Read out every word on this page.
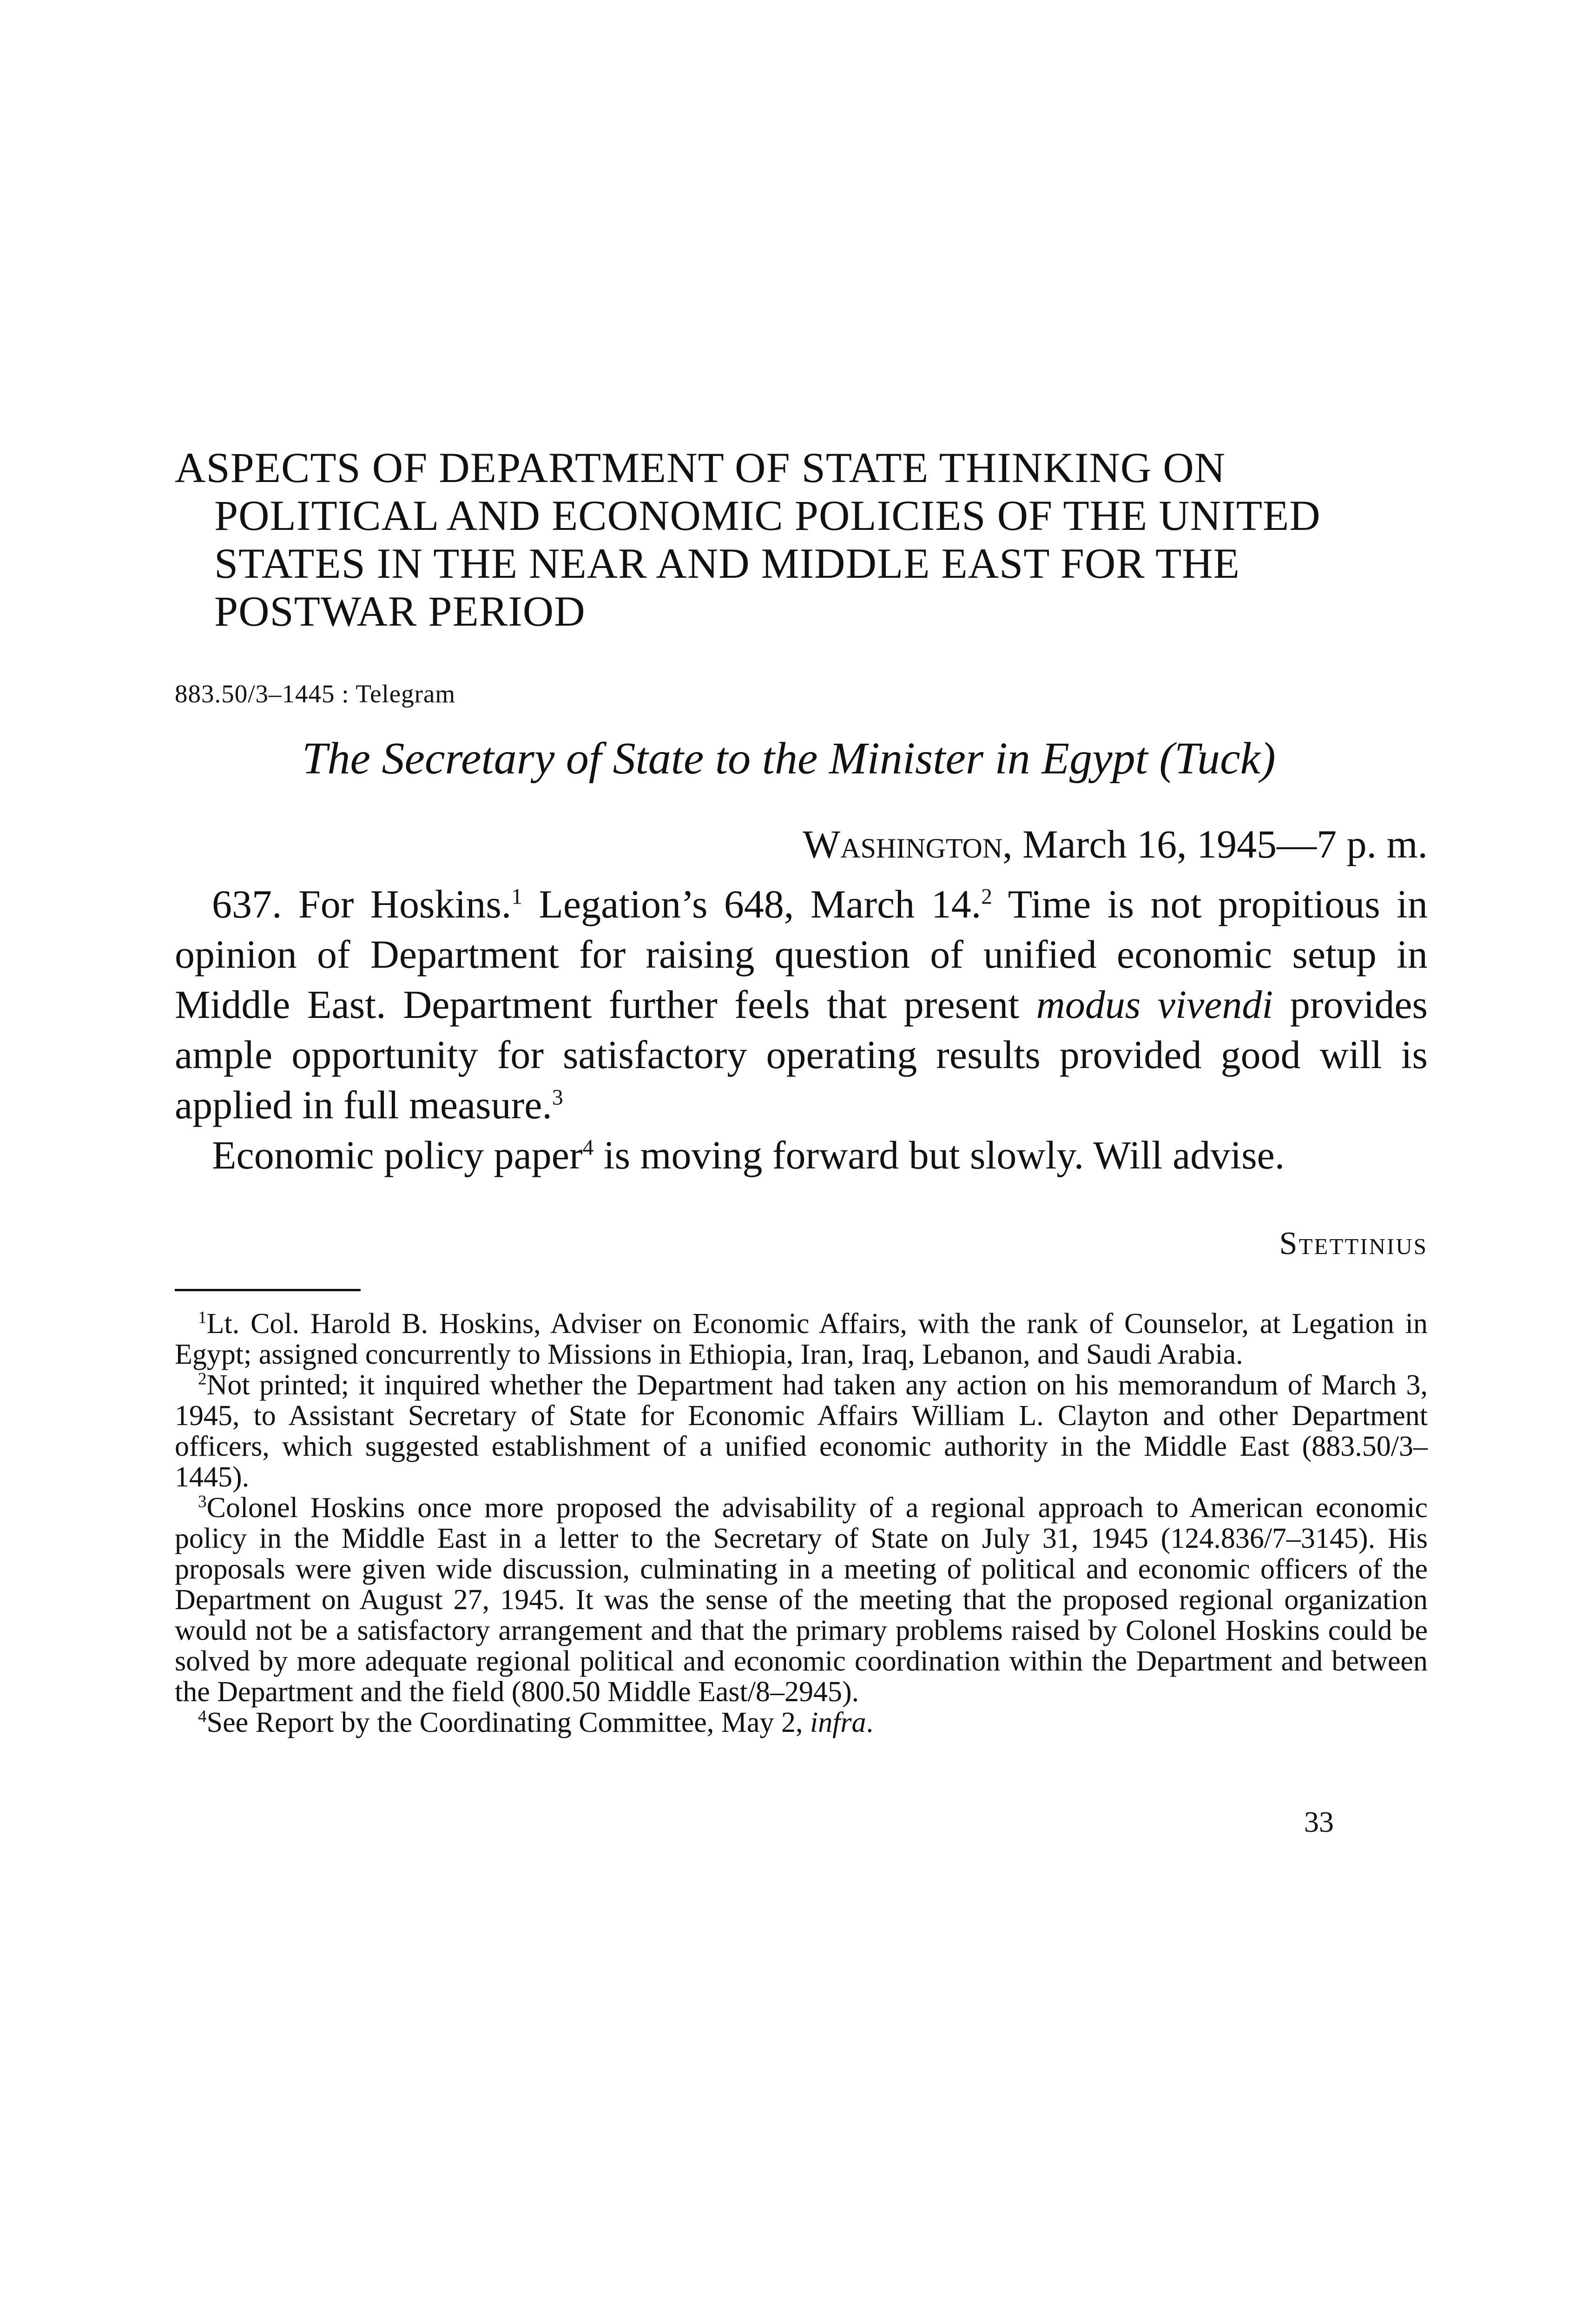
ASPECTS OF DEPARTMENT OF STATE THINKING ON POLITICAL AND ECONOMIC POLICIES OF THE UNITED STATES IN THE NEAR AND MIDDLE EAST FOR THE POSTWAR PERIOD
883.50/3–1445 : Telegram
The Secretary of State to the Minister in Egypt (Tuck)
Washington, March 16, 1945—7 p. m.

637. For Hoskins.$^1$ Legation’s 648, March 14.$^2$ Time is not propitious in opinion of Department for raising question of unified economic setup in Middle East. Department further feels that present modus vivendi provides ample opportunity for satisfactory operating results provided good will is applied in full measure.$^3$

Economic policy paper$^4$ is moving forward but slowly. Will advise.

Stettinius

$^1$Lt. Col. Harold B. Hoskins, Adviser on Economic Affairs, with the rank of Counselor, at Legation in Egypt; assigned concurrently to Missions in Ethiopia, Iran, Iraq, Lebanon, and Saudi Arabia.

$^2$Not printed; it inquired whether the Department had taken any action on his memorandum of March 3, 1945, to Assistant Secretary of State for Economic Affairs William L. Clayton and other Department officers, which suggested establishment of a unified economic authority in the Middle East (883.50/3–1445).

$^3$Colonel Hoskins once more proposed the advisability of a regional approach to American economic policy in the Middle East in a letter to the Secretary of State on July 31, 1945 (124.836/7–3145). His proposals were given wide discussion, culminating in a meeting of political and economic officers of the Department on August 27, 1945. It was the sense of the meeting that the proposed regional organization would not be a satisfactory arrangement and that the primary problems raised by Colonel Hoskins could be solved by more adequate regional political and economic coordination within the Department and between the Department and the field (800.50 Middle East/8–2945).

$^4$See Report by the Coordinating Committee, May 2, infra.

33
